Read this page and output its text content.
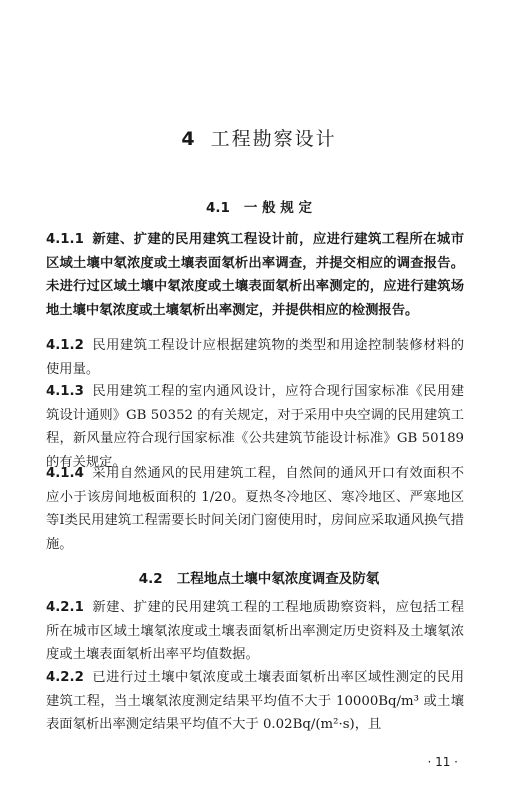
4 工程勘察设计
4.1 一 般 规 定
4.1.1 新建、扩建的民用建筑工程设计前，应进行建筑工程所在城市区域土壤中氡浓度或土壤表面氡析出率调查，并提交相应的调查报告。未进行过区域土壤中氡浓度或土壤表面氡析出率测定的，应进行建筑场地土壤中氡浓度或土壤氡析出率测定，并提供相应的检测报告。
4.1.2 民用建筑工程设计应根据建筑物的类型和用途控制装修材料的使用量。
4.1.3 民用建筑工程的室内通风设计，应符合现行国家标准《民用建筑设计通则》GB 50352 的有关规定，对于采用中央空调的民用建筑工程，新风量应符合现行国家标准《公共建筑节能设计标准》GB 50189 的有关规定。
4.1.4 采用自然通风的民用建筑工程，自然间的通风开口有效面积不应小于该房间地板面积的 1/20。夏热冬冷地区、寒冷地区、严寒地区等Ⅰ类民用建筑工程需要长时间关闭门窗使用时，房间应采取通风换气措施。
4.2 工程地点土壤中氡浓度调查及防氡
4.2.1 新建、扩建的民用建筑工程的工程地质勘察资料，应包括工程所在城市区域土壤氡浓度或土壤表面氡析出率测定历史资料及土壤氡浓度或土壤表面氡析出率平均值数据。
4.2.2 已进行过土壤中氡浓度或土壤表面氡析出率区域性测定的民用建筑工程，当土壤氡浓度测定结果平均值不大于 10000Bq/m³ 或土壤表面氡析出率测定结果平均值不大于 0.02Bq/(m²·s)，且
· 11 ·
